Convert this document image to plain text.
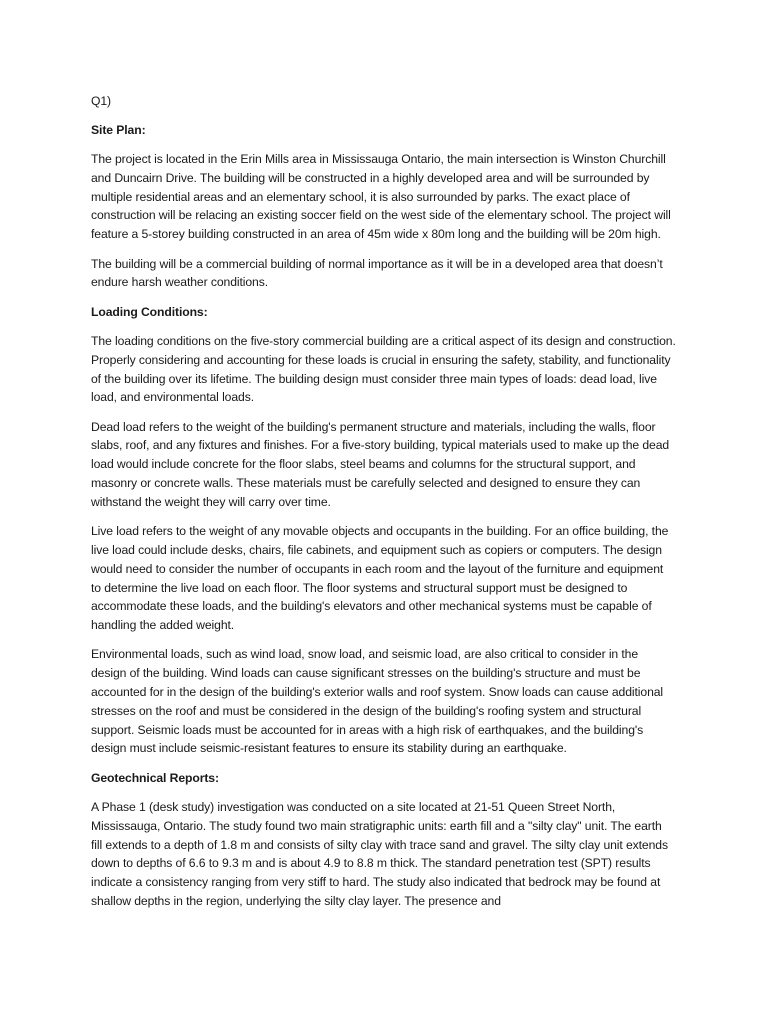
Q1)

Site Plan:

The project is located in the Erin Mills area in Mississauga Ontario, the main intersection is Winston Churchill and Duncairn Drive. The building will be constructed in a highly developed area and will be surrounded by multiple residential areas and an elementary school, it is also surrounded by parks. The exact place of construction will be relacing an existing soccer field on the west side of the elementary school. The project will feature a 5-storey building constructed in an area of 45m wide x 80m long and the building will be 20m high.

The building will be a commercial building of normal importance as it will be in a developed area that doesn’t endure harsh weather conditions.

Loading Conditions:

The loading conditions on the five-story commercial building are a critical aspect of its design and construction. Properly considering and accounting for these loads is crucial in ensuring the safety, stability, and functionality of the building over its lifetime. The building design must consider three main types of loads: dead load, live load, and environmental loads.

Dead load refers to the weight of the building's permanent structure and materials, including the walls, floor slabs, roof, and any fixtures and finishes. For a five-story building, typical materials used to make up the dead load would include concrete for the floor slabs, steel beams and columns for the structural support, and masonry or concrete walls. These materials must be carefully selected and designed to ensure they can withstand the weight they will carry over time.

Live load refers to the weight of any movable objects and occupants in the building. For an office building, the live load could include desks, chairs, file cabinets, and equipment such as copiers or computers. The design would need to consider the number of occupants in each room and the layout of the furniture and equipment to determine the live load on each floor. The floor systems and structural support must be designed to accommodate these loads, and the building's elevators and other mechanical systems must be capable of handling the added weight.

Environmental loads, such as wind load, snow load, and seismic load, are also critical to consider in the design of the building. Wind loads can cause significant stresses on the building's structure and must be accounted for in the design of the building's exterior walls and roof system. Snow loads can cause additional stresses on the roof and must be considered in the design of the building's roofing system and structural support. Seismic loads must be accounted for in areas with a high risk of earthquakes, and the building's design must include seismic-resistant features to ensure its stability during an earthquake.

Geotechnical Reports:

A Phase 1 (desk study) investigation was conducted on a site located at 21-51 Queen Street North, Mississauga, Ontario. The study found two main stratigraphic units: earth fill and a "silty clay" unit. The earth fill extends to a depth of 1.8 m and consists of silty clay with trace sand and gravel. The silty clay unit extends down to depths of 6.6 to 9.3 m and is about 4.9 to 8.8 m thick. The standard penetration test (SPT) results indicate a consistency ranging from very stiff to hard. The study also indicated that bedrock may be found at shallow depths in the region, underlying the silty clay layer. The presence and
